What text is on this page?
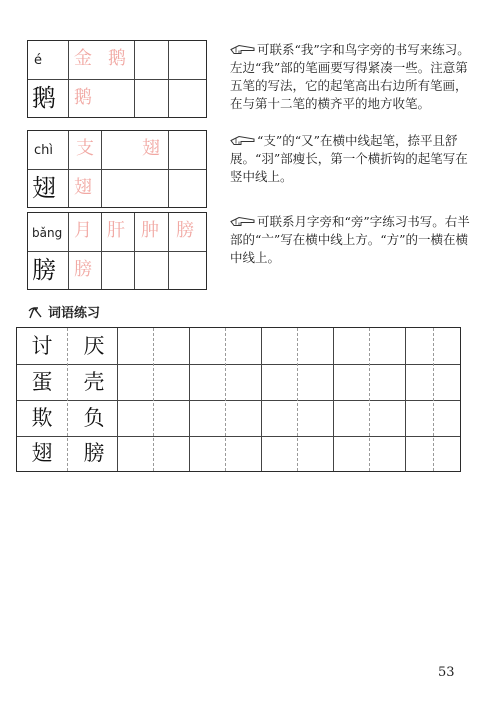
é
鹅
金 鹅
鹅
可联系“我”字和鸟字旁的书写来练习。左边“我”部的笔画要写得紧凑一些。注意第五笔的写法，它的起笔高出右边所有笔画，在与第十二笔的横齐平的地方收笔。
chì
翅
支	翅
翅
“支”的“又”在横中线起笔，捺平且舒展。“羽”部瘦长，第一个横折钩的起笔写在竖中线上。
bǎng
膀
月 肝 肿 膀
膀
可联系月字旁和“旁”字练习书写。右半部的“亠”写在横中线上方。“方”的一横在横中线上。
词语练习
讨 厌
蛋 壳
欺 负
翅 膀
53
